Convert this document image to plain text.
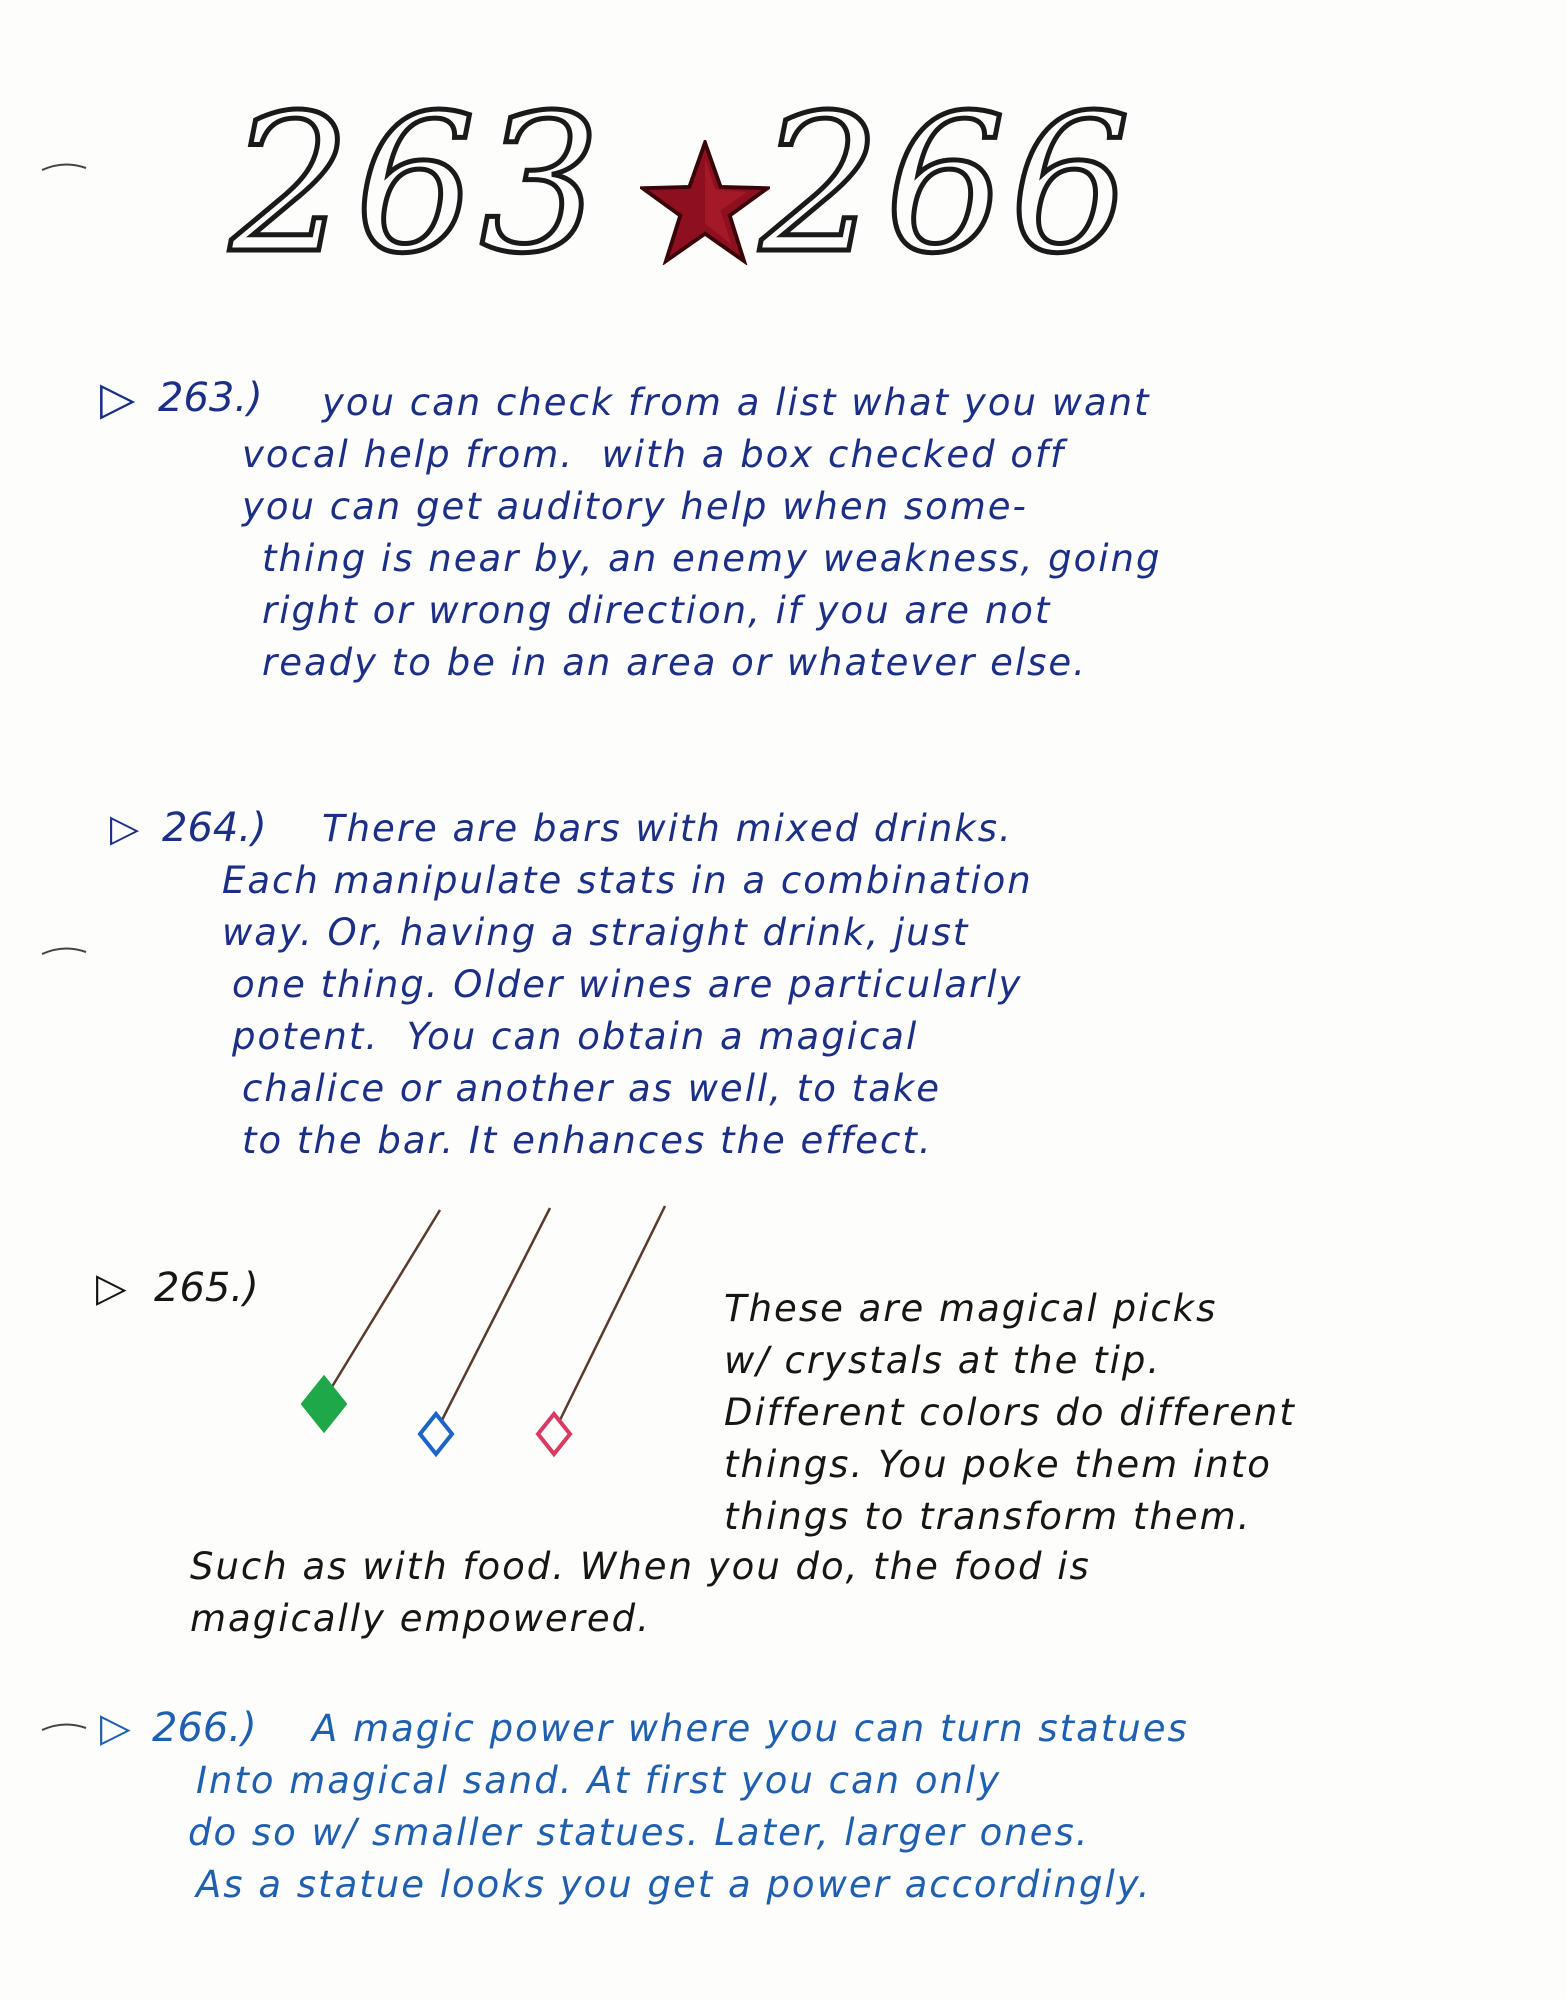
263 266
▷ 263.) you can check from a list what you want
vocal help from.  with a box checked off
you can get auditory help when some-
thing is near by, an enemy weakness, going
right or wrong direction, if you are not
ready to be in an area or whatever else.
▷ 264.) There are bars with mixed drinks.
Each manipulate stats in a combination
way. Or, having a straight drink, just
one thing. Older wines are particularly
potent.  You can obtain a magical
chalice or another as well, to take
to the bar. It enhances the effect.
▷ 265.)	These are magical picks
w/ crystals at the tip.
Different colors do different
things. You poke them into
things to transform them.
Such as with food. When you do, the food is
magically empowered.
▷ 266.) A magic power where you can turn statues
Into magical sand. At first you can only
do so w/ smaller statues. Later, larger ones.
As a statue looks you get a power accordingly.
